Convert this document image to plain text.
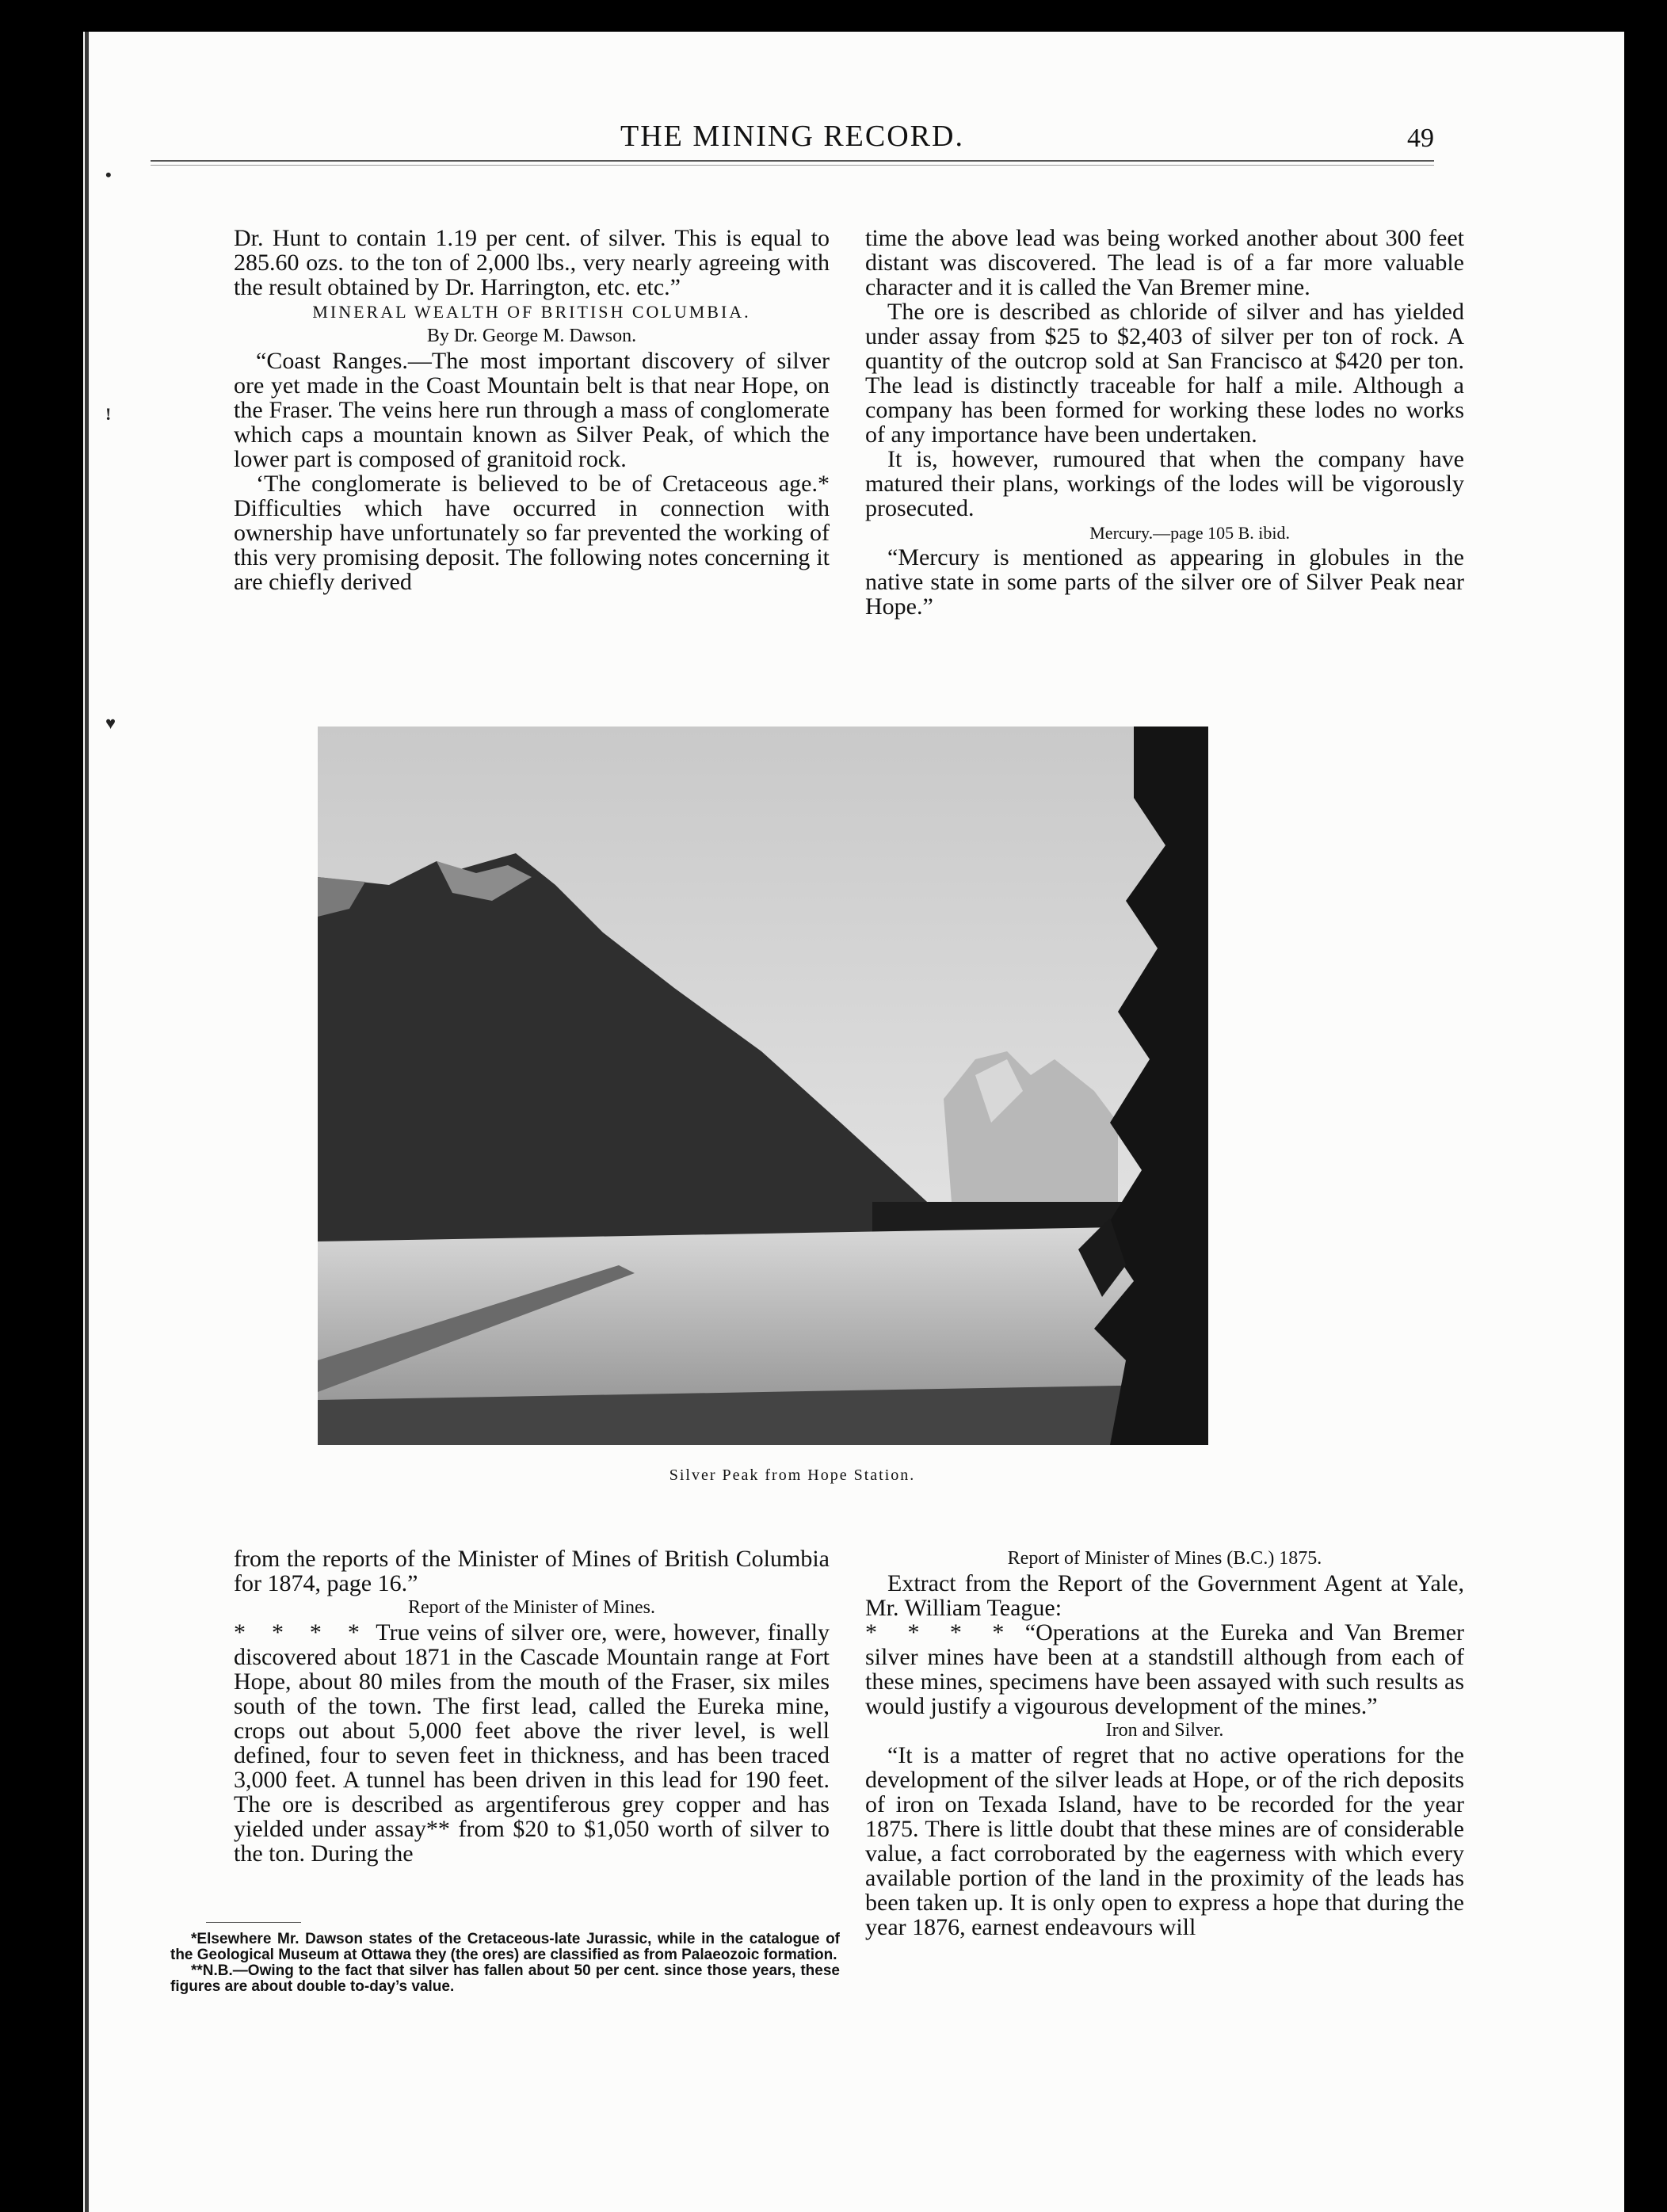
•
!
♥
THE MINING RECORD.	49

Dr. Hunt to contain 1.19 per cent. of silver. This is equal to 285.60 ozs. to the ton of 2,000 lbs., very nearly agreeing with the result obtained by Dr. Harrington, etc. etc.”

MINERAL WEALTH OF BRITISH COLUMBIA.

By Dr. George M. Dawson.

“Coast Ranges.—The most important discovery of silver ore yet made in the Coast Mountain belt is that near Hope, on the Fraser. The veins here run through a mass of conglomerate which caps a mountain known as Silver Peak, of which the lower part is composed of granitoid rock.

‘The conglomerate is believed to be of Cretaceous age.* Difficulties which have occurred in connection with ownership have unfortunately so far prevented the working of this very promising deposit. The following notes concerning it are chiefly derived

time the above lead was being worked another about 300 feet distant was discovered. The lead is of a far more valuable character and it is called the Van Bremer mine.

The ore is described as chloride of silver and has yielded under assay from $25 to $2,403 of silver per ton of rock. A quantity of the outcrop sold at San Francisco at $420 per ton. The lead is distinctly traceable for half a mile. Although a company has been formed for working these lodes no works of any importance have been undertaken.

It is, however, rumoured that when the company have matured their plans, workings of the lodes will be vigorously prosecuted.

Mercury.—page 105 B. ibid.

“Mercury is mentioned as appearing in globules in the native state in some parts of the silver ore of Silver Peak near Hope.”

Silver Peak from Hope Station.

from the reports of the Minister of Mines of British Columbia for 1874, page 16.”

Report of the Minister of Mines.

* * * * True veins of silver ore, were, however, finally discovered about 1871 in the Cascade Mountain range at Fort Hope, about 80 miles from the mouth of the Fraser, six miles south of the town. The first lead, called the Eureka mine, crops out about 5,000 feet above the river level, is well defined, four to seven feet in thickness, and has been traced 3,000 feet. A tunnel has been driven in this lead for 190 feet. The ore is described as argentiferous grey copper and has yielded under assay** from $20 to $1,050 worth of silver to the ton. During the

*Elsewhere Mr. Dawson states of the Cretaceous-late Jurassic, while in the catalogue of the Geological Museum at Ottawa they (the ores) are classified as from Palaeozoic formation.

**N.B.—Owing to the fact that silver has fallen about 50 per cent. since those years, these figures are about double to-day’s value.

Report of Minister of Mines (B.C.) 1875.

Extract from the Report of the Government Agent at Yale, Mr. William Teague:

* * * * “Operations at the Eureka and Van Bremer silver mines have been at a standstill although from each of these mines, specimens have been assayed with such results as would justify a vigourous development of the mines.”

Iron and Silver.

“It is a matter of regret that no active operations for the development of the silver leads at Hope, or of the rich deposits of iron on Texada Island, have to be recorded for the year 1875. There is little doubt that these mines are of considerable value, a fact corroborated by the eagerness with which every available portion of the land in the proximity of the leads has been taken up. It is only open to express a hope that during the year 1876, earnest endeavours will
